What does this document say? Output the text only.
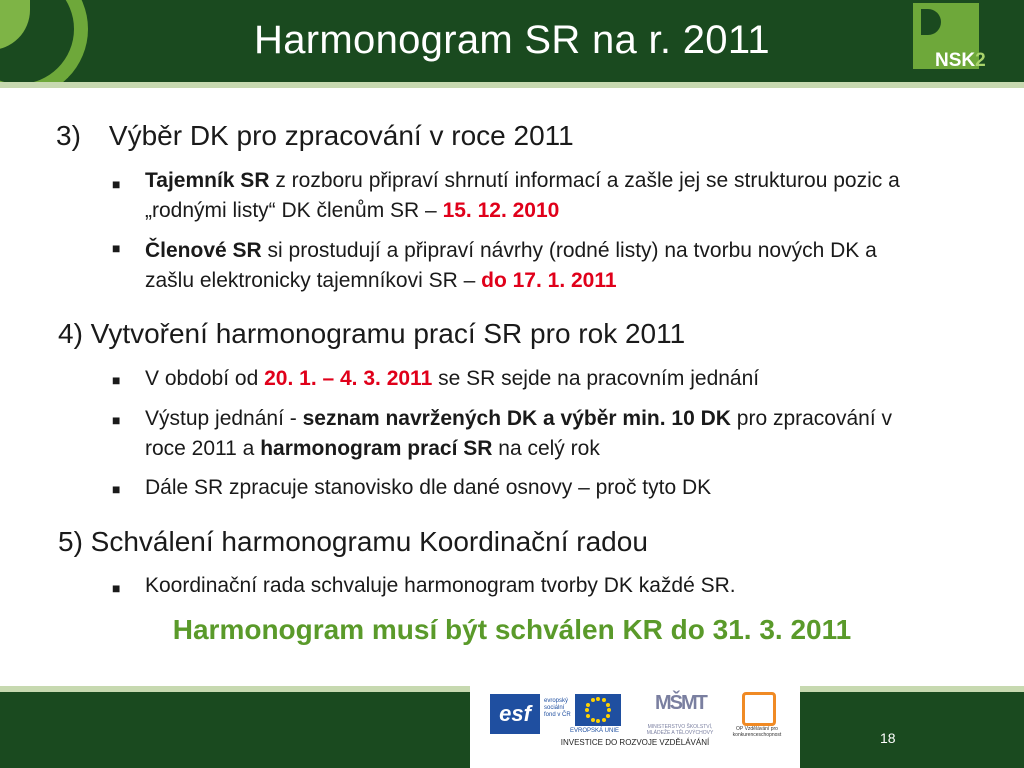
Harmonogram SR na r. 2011	NSK2
3) Výběr DK pro zpracování v roce 2011
■	Tajemník SR z rozboru připraví shrnutí informací a zašle jej se strukturou pozic a „rodnými listy“ DK členům SR – 15. 12. 2010
■	Členové SR si prostudují a připraví návrhy (rodné listy) na tvorbu nových DK a zašlu elektronicky tajemníkovi SR – do 17. 1. 2011
4) Vytvoření harmonogramu prací SR pro rok 2011
■	V období od 20. 1. – 4. 3. 2011 se SR sejde na pracovním jednání
■	Výstup jednání - seznam navržených DK a výběr min. 10 DK pro zpracování v roce 2011 a harmonogram prací SR na celý rok
■	Dále SR zpracuje stanovisko dle dané osnovy – proč tyto DK
5) Schválení harmonogramu Koordinační radou
■	Koordinační rada schvaluje harmonogram tvorby DK každé SR.
Harmonogram musí být schválen KR do 31. 3. 2011
esf	evropský sociální fond v ČR
EVROPSKÁ UNIE
MŠMT
MINISTERSTVO ŠKOLSTVÍ, MLÁDEŽE A TĚLOVÝCHOVY
OP Vzdělávání pro konkurenceschopnost
INVESTICE DO ROZVOJE VZDĚLÁVÁNÍ	18
